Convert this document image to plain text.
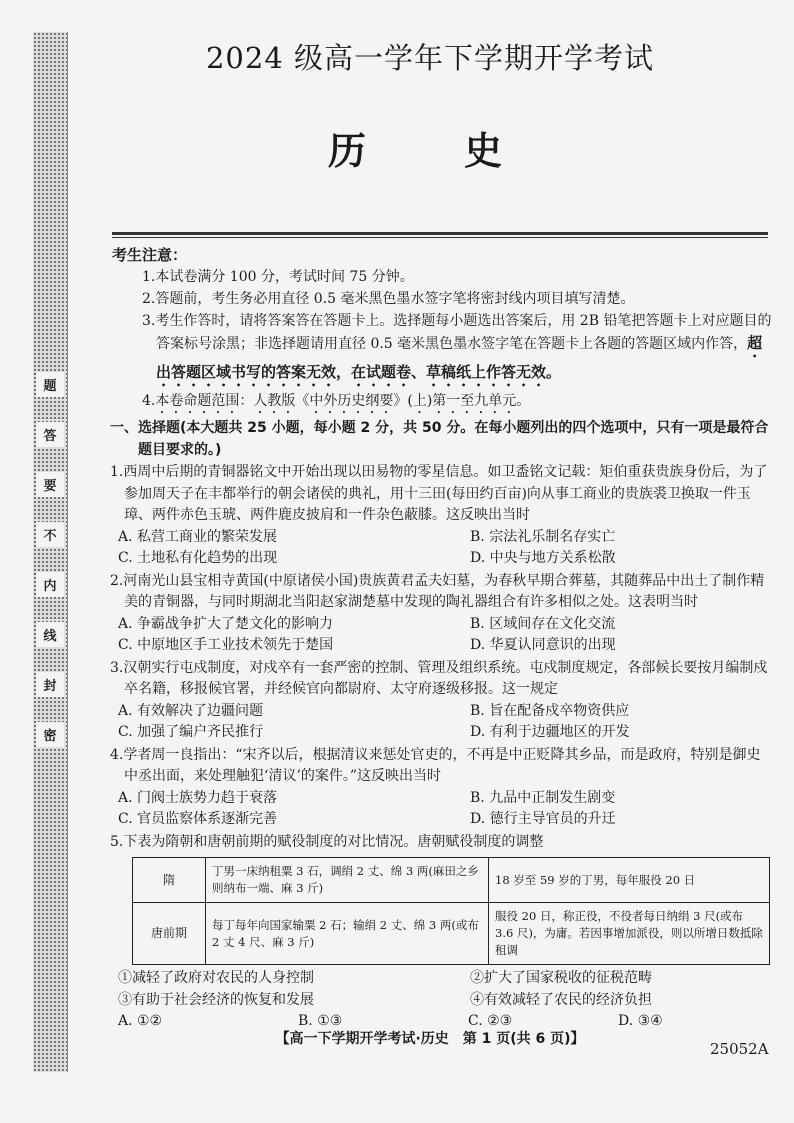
密
封
线
内
不
要
答
题
2024 级高一学年下学期开学考试
历　史
考生注意：
1.本试卷满分 100 分，考试时间 75 分钟。
2.答题前，考生务必用直径 0.5 毫米黑色墨水签字笔将密封线内项目填写清楚。
3.考生作答时，请将答案答在答题卡上。选择题每小题选出答案后，用 2B 铅笔把答题卡上对应题目的答案标号涂黑；非选择题请用直径 0.5 毫米黑色墨水签字笔在答题卡上各题的答题区域内作答，超出答题区域书写的答案无效，在试题卷、草稿纸上作答无效。
4.本卷命题范围：人教版《中外历史纲要》(上)第一至九单元。
一、选择题(本大题共 25 小题，每小题 2 分，共 50 分。在每小题列出的四个选项中，只有一项是最符合题目要求的。)
1.西周中后期的青铜器铭文中开始出现以田易物的零星信息。如卫盉铭文记载：矩伯重获贵族身份后，为了参加周天子在丰都举行的朝会诸侯的典礼，用十三田(每田约百亩)向从事工商业的贵族裘卫换取一件玉璋、两件赤色玉琥、两件鹿皮披肩和一件杂色蔽膝。这反映出当时
A. 私营工商业的繁荣发展	B. 宗法礼乐制名存实亡
C. 土地私有化趋势的出现	D. 中央与地方关系松散
2.河南光山县宝相寺黄国(中原诸侯小国)贵族黄君孟夫妇墓，为春秋早期合葬墓，其随葬品中出土了制作精美的青铜器，与同时期湖北当阳赵家湖楚墓中发现的陶礼器组合有许多相似之处。这表明当时
A. 争霸战争扩大了楚文化的影响力	B. 区域间存在文化交流
C. 中原地区手工业技术领先于楚国	D. 华夏认同意识的出现
3.汉朝实行屯戍制度，对戍卒有一套严密的控制、管理及组织系统。屯戍制度规定，各部候长要按月编制戍卒名籍，移报候官署，并经候官向都尉府、太守府逐级移报。这一规定
A. 有效解决了边疆问题	B. 旨在配备戍卒物资供应
C. 加强了编户齐民推行	D. 有利于边疆地区的开发
4.学者周一良指出：“宋齐以后，根据清议来惩处官吏的，不再是中正贬降其乡品，而是政府，特别是御史中丞出面，来处理触犯‘清议’的案件。”这反映出当时
A. 门阀士族势力趋于衰落	B. 九品中正制发生剧变
C. 官员监察体系逐渐完善	D. 德行主导官员的升迁
5.下表为隋朝和唐朝前期的赋役制度的对比情况。唐朝赋役制度的调整
隋	丁男一床纳租粟 3 石，调绢 2 丈、绵 3 两(麻田之乡则纳布一端、麻 3 斤)	18 岁至 59 岁的丁男，每年服役 20 日
唐前期	每丁每年向国家输粟 2 石；输绢 2 丈、绵 3 两(或布 2 丈 4 尺、麻 3 斤)	服役 20 日，称正役，不役者每日纳绢 3 尺(或布 3.6 尺)，为庸。若因事增加派役，则以所增日数抵除租调
①减轻了政府对农民的人身控制	②扩大了国家税收的征税范畴
③有助于社会经济的恢复和发展	④有效减轻了农民的经济负担
A. ①②	B. ①③	C. ②③	D. ③④
【高一下学期开学考试·历史　第 1 页(共 6 页)】
25052A
